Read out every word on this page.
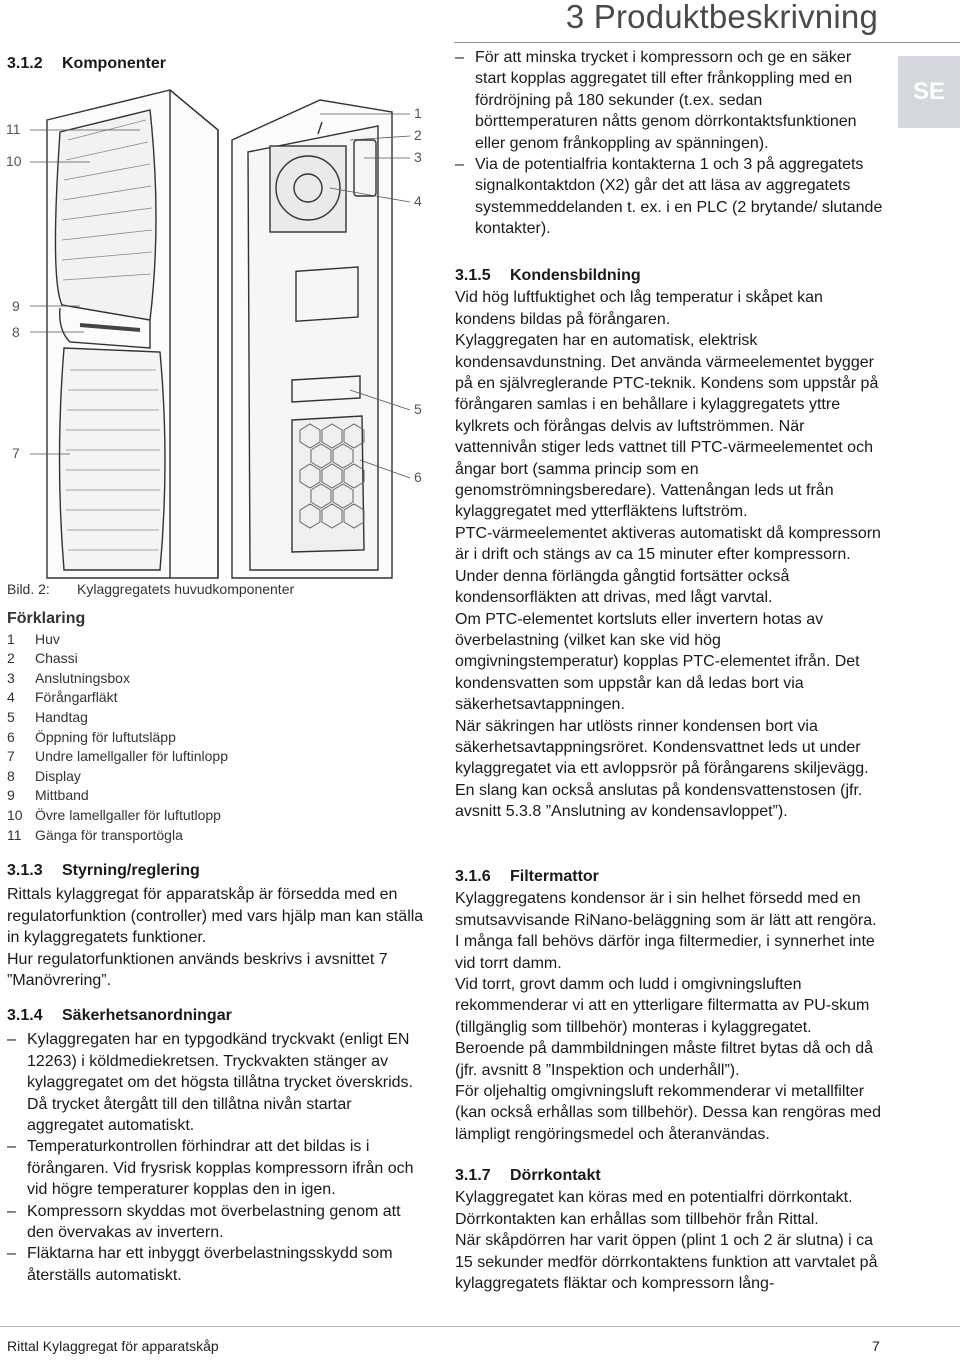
3 Produktbeskrivning
SE
3.1.2 Komponenter
11
10
9
8
7
1
2
3
4
5
6
Bild. 2: Kylaggregatets huvudkomponenter
Förklaring
1 Huv
2 Chassi
3 Anslutningsbox
4 Förångarfläkt
5 Handtag
6 Öppning för luftutsläpp
7 Undre lamellgaller för luftinlopp
8 Display
9 Mittband
10 Övre lamellgaller för luftutlopp
11 Gänga för transportögla
3.1.3 Styrning/reglering

Rittals kylaggregat för apparatskåp är försedda med en regulatorfunktion (controller) med vars hjälp man kan ställa in kylaggregatets funktioner.

Hur regulatorfunktionen används beskrivs i avsnittet 7 ”Manövrering”.

3.1.4 Säkerhetsanordningar

– Kylaggregaten har en typgodkänd tryckvakt (enligt EN 12263) i köldmediekretsen. Tryckvakten stänger av kylaggregatet om det högsta tillåtna trycket överskrids. Då trycket återgått till den tillåtna nivån startar aggregatet automatiskt.

– Temperaturkontrollen förhindrar att det bildas is i förångaren. Vid frysrisk kopplas kompressorn ifrån och vid högre temperaturer kopplas den in igen.

– Kompressorn skyddas mot överbelastning genom att den övervakas av invertern.

– Fläktarna har ett inbyggt överbelastningsskydd som återställs automatiskt.

– För att minska trycket i kompressorn och ge en säker start kopplas aggregatet till efter frånkoppling med en fördröjning på 180 sekunder (t.ex. sedan börttemperaturen nåtts genom dörrkontaktsfunktionen eller genom frånkoppling av spänningen).

– Via de potentialfria kontakterna 1 och 3 på aggregatets signalkontaktdon (X2) går det att läsa av aggregatets systemmeddelanden t. ex. i en PLC (2 brytande/ slutande kontakter).

3.1.5 Kondensbildning

Vid hög luftfuktighet och låg temperatur i skåpet kan kondens bildas på förångaren.

Kylaggregaten har en automatisk, elektrisk kondensavdunstning. Det använda värmeelementet bygger på en självreglerande PTC-teknik. Kondens som uppstår på förångaren samlas i en behållare i kylaggregatets yttre kylkrets och förångas delvis av luftströmmen. När vattennivån stiger leds vattnet till PTC-värmeelementet och ångar bort (samma princip som en genomströmningsberedare). Vattenångan leds ut från kylaggregatet med ytterfläktens luftström.

PTC-värmeelementet aktiveras automatiskt då kompressorn är i drift och stängs av ca 15 minuter efter kompressorn. Under denna förlängda gångtid fortsätter också kondensorfläkten att drivas, med lågt varvtal.

Om PTC-elementet kortsluts eller invertern hotas av överbelastning (vilket kan ske vid hög omgivningstemperatur) kopplas PTC-elementet ifrån. Det kondensvatten som uppstår kan då ledas bort via säkerhetsavtappningen.

När säkringen har utlösts rinner kondensen bort via säkerhetsavtappningsröret. Kondensvattnet leds ut under kylaggregatet via ett avloppsrör på förångarens skiljevägg. En slang kan också anslutas på kondensvattenstosen (jfr. avsnitt 5.3.8 ”Anslutning av kondensavloppet”).

3.1.6 Filtermattor

Kylaggregatens kondensor är i sin helhet försedd med en smutsavvisande RiNano-beläggning som är lätt att rengöra. I många fall behövs därför inga filtermedier, i synnerhet inte vid torrt damm.

Vid torrt, grovt damm och ludd i omgivningsluften rekommenderar vi att en ytterligare filtermatta av PU-skum (tillgänglig som tillbehör) monteras i kylaggregatet. Beroende på dammbildningen måste filtret bytas då och då (jfr. avsnitt 8 ”Inspektion och underhåll”).

För oljehaltig omgivningsluft rekommenderar vi metallfilter (kan också erhållas som tillbehör). Dessa kan rengöras med lämpligt rengöringsmedel och återanvändas.

3.1.7 Dörrkontakt

Kylaggregatet kan köras med en potentialfri dörrkontakt. Dörrkontakten kan erhållas som tillbehör från Rittal.

När skåpdörren har varit öppen (plint 1 och 2 är slutna) i ca 15 sekunder medför dörrkontaktens funktion att varvtalet på kylaggregatets fläktar och kompressorn lång-

Rittal Kylaggregat för apparatskåp	7
